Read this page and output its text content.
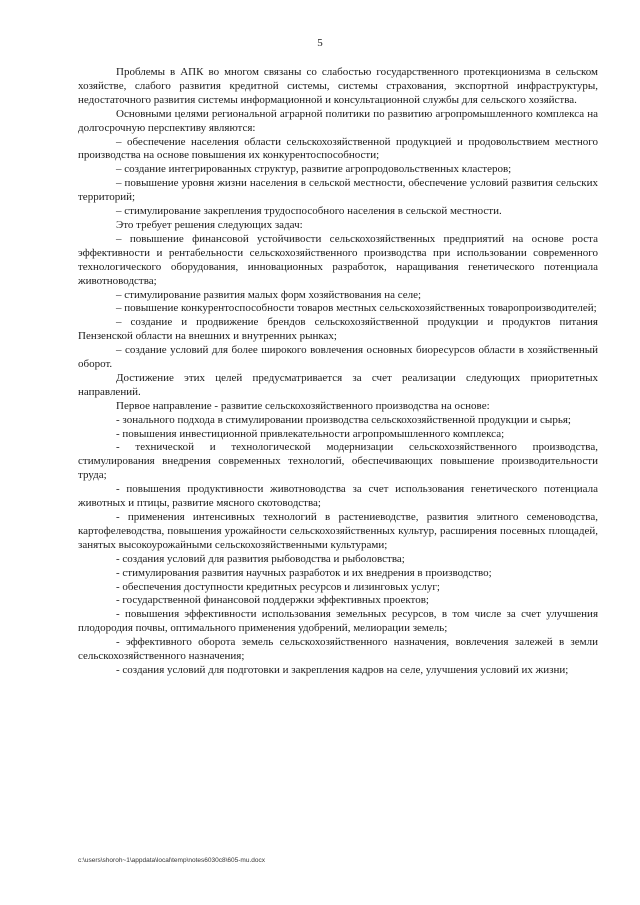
5

Проблемы в АПК во многом связаны со слабостью государственного протекционизма в сельском хозяйстве, слабого развития кредитной системы, системы страхования, экспортной инфраструктуры, недостаточного развития системы информационной и консультационной службы для сельского хозяйства.

Основными целями региональной аграрной политики по развитию агропромышленного комплекса на долгосрочную перспективу являются:

– обеспечение населения области сельскохозяйственной продукцией и продовольствием местного производства на основе повышения их конкурентоспособности;

– создание интегрированных структур, развитие агропродовольственных кластеров;

– повышение уровня жизни населения в сельской местности, обеспечение условий развития сельских территорий;

– стимулирование закрепления трудоспособного населения в сельской местности.

Это требует решения следующих задач:

– повышение финансовой устойчивости сельскохозяйственных предприятий на основе роста эффективности и рентабельности сельскохозяйственного производства при использовании современного технологического оборудования, инновационных разработок, наращивания генетического потенциала животноводства;

– стимулирование развития малых форм хозяйствования на селе;

– повышение конкурентоспособности товаров местных сельскохозяйственных товаропроизводителей;

– создание и продвижение брендов сельскохозяйственной продукции и продуктов питания Пензенской области на внешних и внутренних рынках;

– создание условий для более широкого вовлечения основных биоресурсов области в хозяйственный оборот.

Достижение этих целей предусматривается за счет реализации следующих приоритетных направлений.

Первое направление - развитие сельскохозяйственного производства на основе:

- зонального подхода в стимулировании производства сельскохозяйственной продукции и сырья;

- повышения инвестиционной привлекательности агропромышленного комплекса;

- технической и технологической модернизации сельскохозяйственного производства, стимулирования внедрения современных технологий, обеспечивающих повышение производительности труда;

- повышения продуктивности животноводства за счет использования генетического потенциала животных и птицы, развитие мясного скотоводства;

- применения интенсивных технологий в растениеводстве, развития элитного семеноводства, картофелеводства, повышения урожайности сельскохозяйственных культур, расширения посевных площадей, занятых высокоурожайными сельскохозяйственными культурами;

- создания условий для развития рыбоводства и рыболовства;

- стимулирования развития научных разработок и их внедрения в производство;

- обеспечения доступности кредитных ресурсов и лизинговых услуг;

- государственной финансовой поддержки эффективных проектов;

- повышения эффективности использования земельных ресурсов, в том числе за счет улучшения плодородия почвы, оптимального применения удобрений, мелиорации земель;

- эффективного оборота земель сельскохозяйственного назначения, вовлечения залежей в земли сельскохозяйственного назначения;

- создания условий для подготовки и закрепления кадров на селе, улучшения условий их жизни;

c:\users\shoroh~1\appdata\local\temp\notes6030c8\605-mu.docx
